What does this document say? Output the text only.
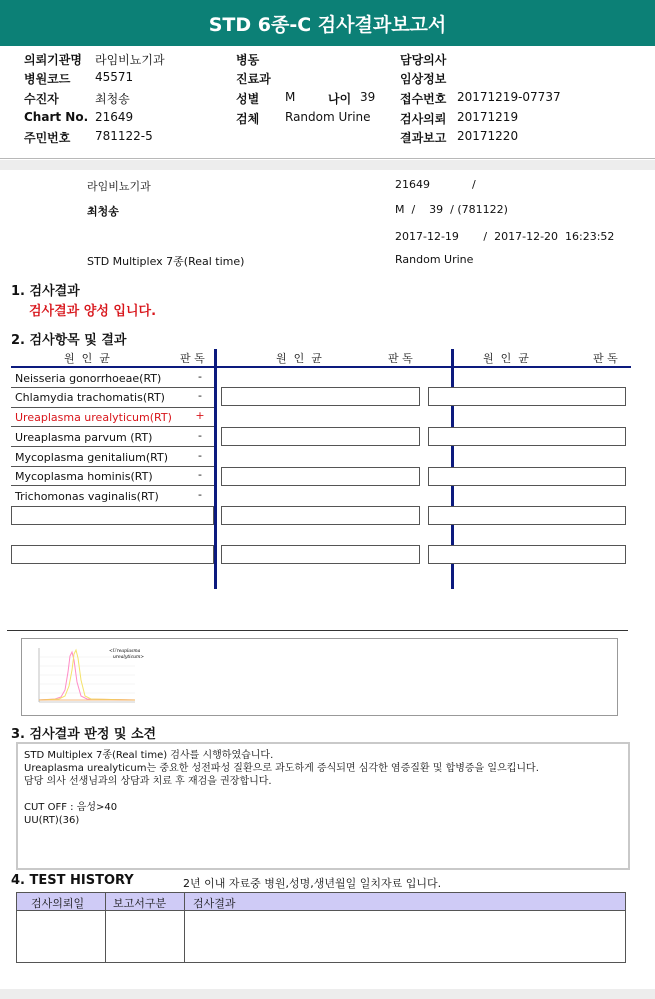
STD 6종-C 검사결과보고서
의뢰기관명 라임비뇨기과	병동	담당의사
병원코드 45571	진료과	임상정보
수진자	최청송	성별 M	나이 39 접수번호 20171219-07737
Chart No. 21649	검체 Random Urine 검사의뢰 20171219
주민번호 781122-5	결과보고 20171220
라임비뇨기과	21649            /
최청송	M  /    39  / (781122)
2017-12-19       /  2017-12-20  16:23:52
STD Multiplex 7종(Real time)	Random Urine
1. 검사결과
검사결과 양성 입니다.
2. 검사항목 및 결과
원  인  균	판 독	원  인  균	판 독	원  인  균	판 독
Neisseria gonorrhoeae(RT)	-
Chlamydia trachomatis(RT)	-
Ureaplasma urealyticum(RT) +
Ureaplasma parvum (RT)	-
Mycoplasma genitalium(RT)	-
Mycoplasma hominis(RT)	-
Trichomonas vaginalis(RT)	-
<Ureaplasma
urealyticum>
3. 검사결과 판정 및 소견
STD Multiplex 7종(Real time) 검사를 시행하였습니다.
Ureaplasma urealyticum는 중요한 성전파성 질환으로 과도하게 증식되면 심각한 염증질환 및 합병증을 일으킵니다.
담당 의사 선생님과의 상담과 치료 후 재검을 권장합니다.
CUT OFF : 음성>40
UU(RT)(36)
4. TEST HISTORY	2년 이내 자료중 병원,성명,생년월일 일치자료 입니다.
검사의뢰일	보고서구분 검사결과
